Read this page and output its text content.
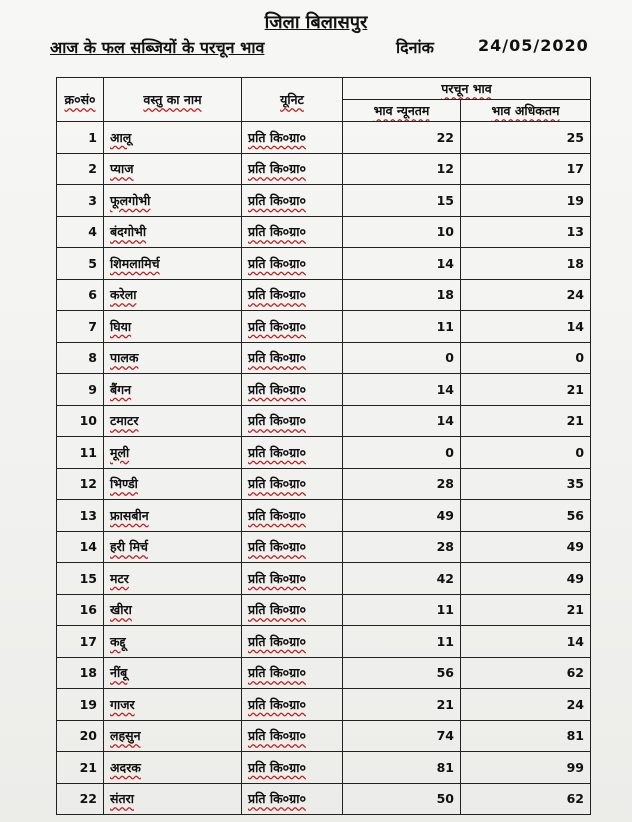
जिला बिलासपुर
आज के फल सब्जियों के परचून भाव	दिनांक	24/05/2020
क्र०सं०	वस्तु का नाम	यूनिट	परचून भाव	
			भाव न्यूनतम	भाव अधिकतम
1	आलू	प्रति कि०ग्रा०	22	25
2	प्याज	प्रति कि०ग्रा०	12	17
3	फूलगोभी	प्रति कि०ग्रा०	15	19
4	बंदगोभी	प्रति कि०ग्रा०	10	13
5	शिमलामिर्च	प्रति कि०ग्रा०	14	18
6	करेला	प्रति कि०ग्रा०	18	24
7	घिया	प्रति कि०ग्रा०	11	14
8	पालक	प्रति कि०ग्रा०	0	0
9	बैंगन	प्रति कि०ग्रा०	14	21
10	टमाटर	प्रति कि०ग्रा०	14	21
11	मूली	प्रति कि०ग्रा०	0	0
12	भिण्डी	प्रति कि०ग्रा०	28	35
13	फ्रासबीन	प्रति कि०ग्रा०	49	56
14	हरी मिर्च	प्रति कि०ग्रा०	28	49
15	मटर	प्रति कि०ग्रा०	42	49
16	खीरा	प्रति कि०ग्रा०	11	21
17	कद्दू	प्रति कि०ग्रा०	11	14
18	नींबू	प्रति कि०ग्रा०	56	62
19	गाजर	प्रति कि०ग्रा०	21	24
20	लहसुन	प्रति कि०ग्रा०	74	81
21	अदरक	प्रति कि०ग्रा०	81	99
22	संतरा	प्रति कि०ग्रा०	50	62
